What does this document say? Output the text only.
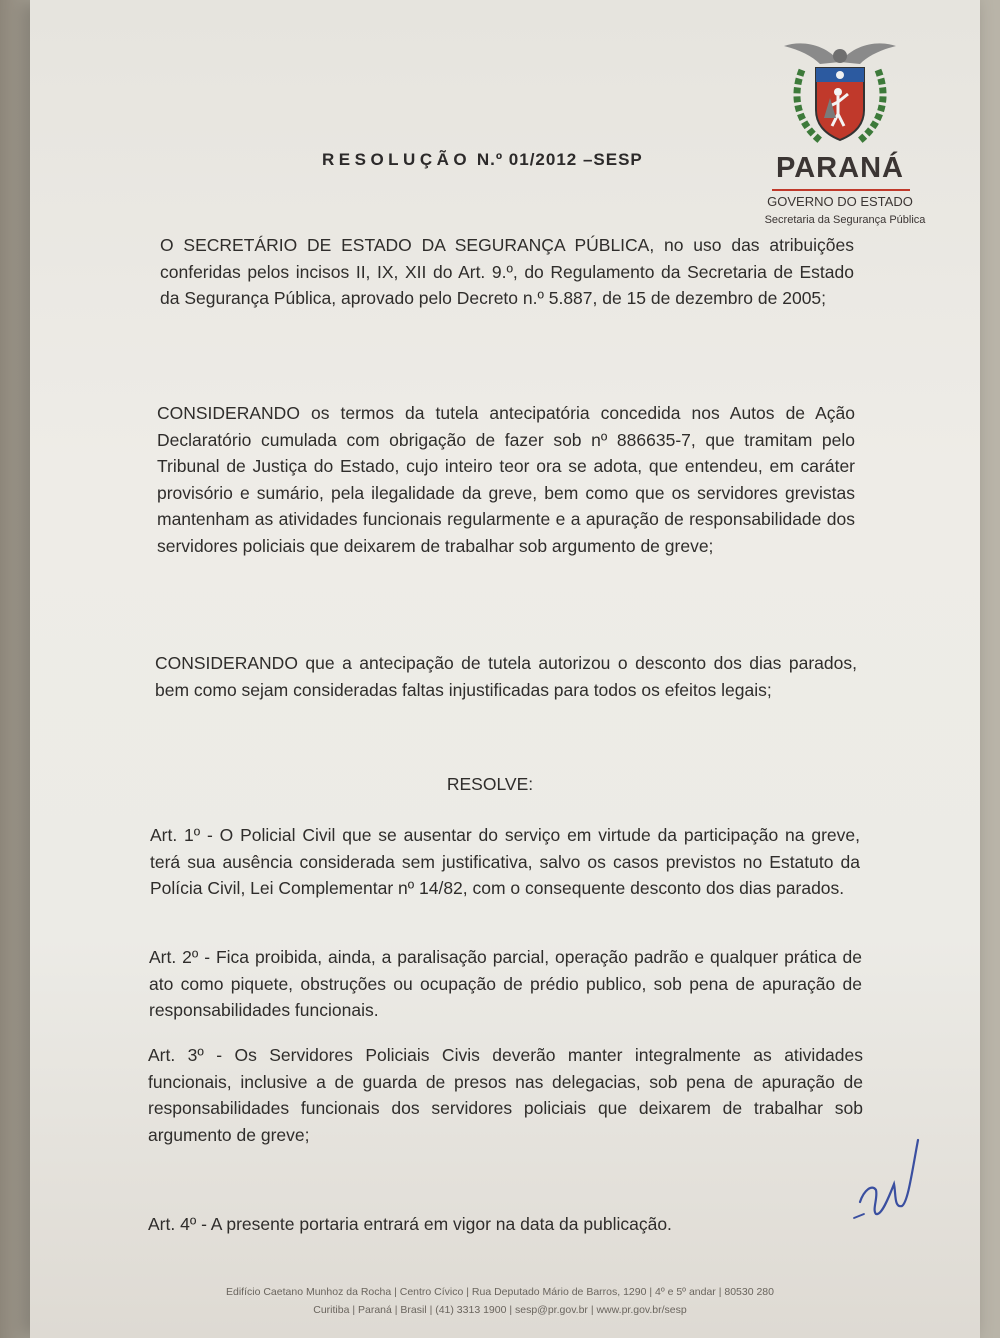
PARANÁ
GOVERNO DO ESTADO
Secretaria da Segurança Pública
RESOLUÇÃO N.º 01/2012 –SESP
O SECRETÁRIO DE ESTADO DA SEGURANÇA PÚBLICA, no uso das atribuições conferidas pelos incisos II, IX, XII do Art. 9.º, do Regulamento da Secretaria de Estado da Segurança Pública, aprovado pelo Decreto n.º 5.887, de 15 de dezembro de 2005;
CONSIDERANDO os termos da tutela antecipatória concedida nos Autos de Ação Declaratório cumulada com obrigação de fazer sob nº 886635-7, que tramitam pelo Tribunal de Justiça do Estado, cujo inteiro teor ora se adota, que entendeu, em caráter provisório e sumário, pela ilegalidade da greve, bem como que os servidores grevistas mantenham as atividades funcionais regularmente e a apuração de responsabilidade dos servidores policiais que deixarem de trabalhar sob argumento de greve;
CONSIDERANDO que a antecipação de tutela autorizou o desconto dos dias parados, bem como sejam consideradas faltas injustificadas para todos os efeitos legais;
RESOLVE:
Art. 1º - O Policial Civil que se ausentar do serviço em virtude da participação na greve, terá sua ausência considerada sem justificativa, salvo os casos previstos no Estatuto da Polícia Civil, Lei Complementar nº 14/82, com o consequente desconto dos dias parados.
Art. 2º - Fica proibida, ainda, a paralisação parcial, operação padrão e qualquer prática de ato como piquete, obstruções ou ocupação de prédio publico, sob pena de apuração de responsabilidades funcionais.
Art. 3º - Os Servidores Policiais Civis deverão manter integralmente as atividades funcionais, inclusive a de guarda de presos nas delegacias, sob pena de apuração de responsabilidades funcionais dos servidores policiais que deixarem de trabalhar sob argumento de greve;
Art. 4º - A presente portaria entrará em vigor na data da publicação.
Edifício Caetano Munhoz da Rocha | Centro Cívico | Rua Deputado Mário de Barros, 1290 | 4º e 5º andar | 80530 280
Curitiba | Paraná | Brasil | (41) 3313 1900 | sesp@pr.gov.br | www.pr.gov.br/sesp
